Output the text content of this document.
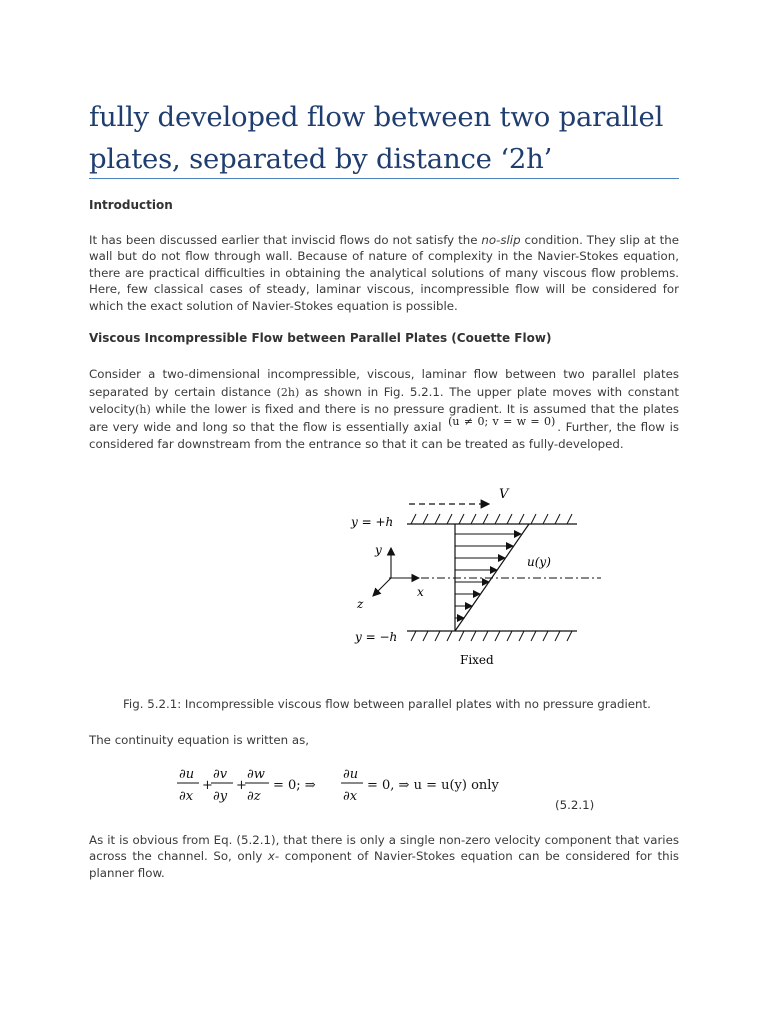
fully developed flow between two parallel plates, separated by distance ‘2h’
Introduction

It has been discussed earlier that inviscid flows do not satisfy the no-slip condition. They slip at the wall but do not flow through wall. Because of nature of complexity in the Navier-Stokes equation, there are practical difficulties in obtaining the analytical solutions of many viscous flow problems. Here, few classical cases of steady, laminar viscous, incompressible flow will be considered for which the exact solution of Navier-Stokes equation is possible.

Viscous Incompressible Flow between Parallel Plates (Couette Flow)

Consider a two-dimensional incompressible, viscous, laminar flow between two parallel plates separated by certain distance (2h) as shown in Fig. 5.2.1. The upper plate moves with constant velocity(h) while the lower is fixed and there is no pressure gradient. It is assumed that the plates are very wide and long so that the flow is essentially axial (u ≠ 0; v = w = 0) . Further, the flow is considered far downstream from the entrance so that it can be treated as fully-developed.

V
y = +h
y = −h
Fixed
u(y)
y
x
z

Fig. 5.2.1: Incompressible viscous flow between parallel plates with no pressure gradient.

The continuity equation is written as,

∂u
∂x
+
∂v
∂y
+
∂w
∂z
= 0; ⇒
∂u
∂x
= 0, ⇒ u = u(y) only
(5.2.1)

As it is obvious from Eq. (5.2.1), that there is only a single non-zero velocity component that varies across the channel. So, only x- component of Navier-Stokes equation can be considered for this planner flow.
